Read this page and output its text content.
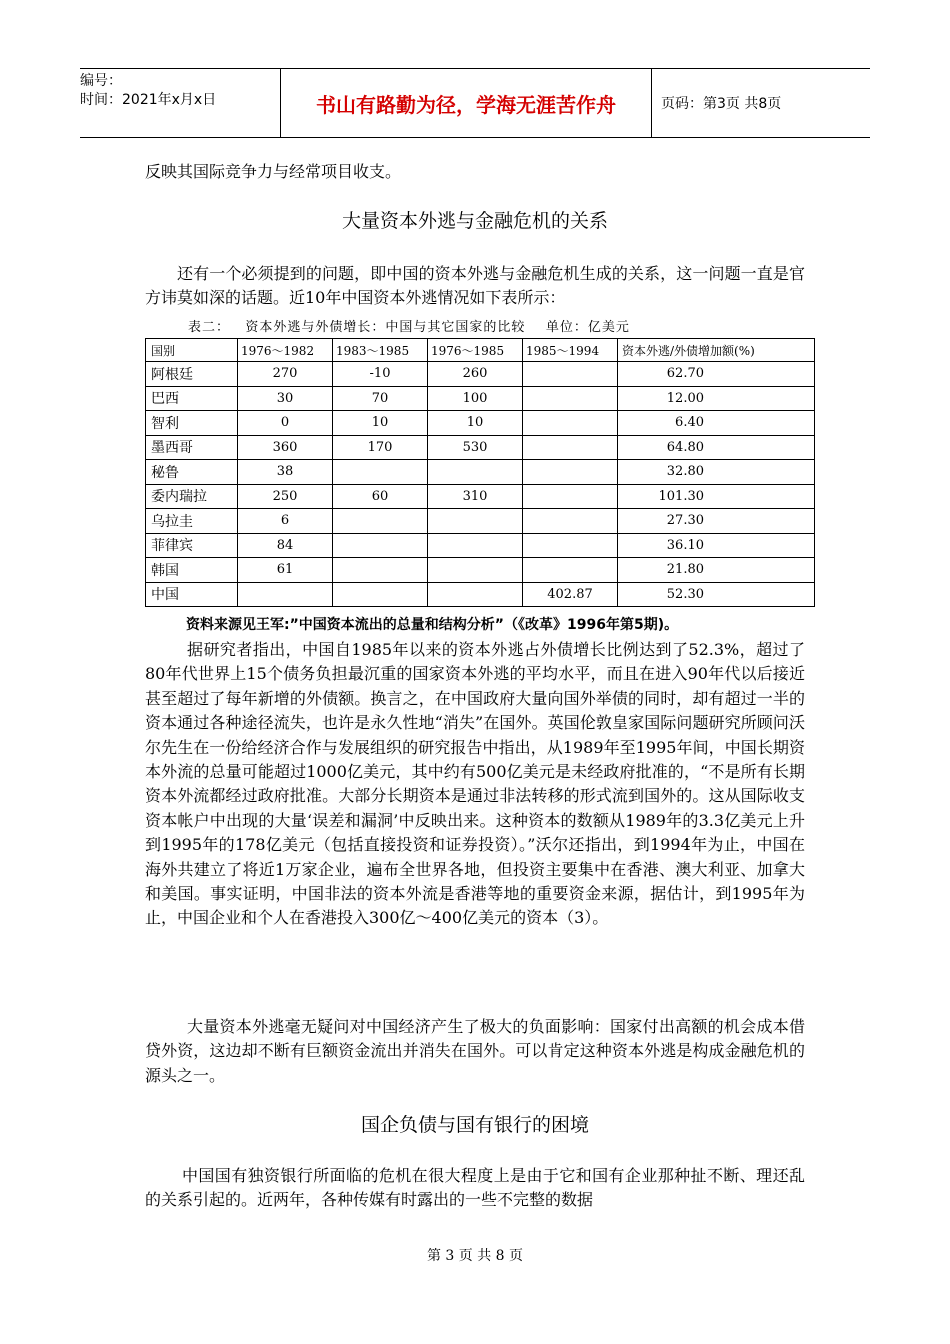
编号：
时间：2021年x月x日	书山有路勤为径，学海无涯苦作舟	页码：第3页 共8页
反映其国际竞争力与经常项目收支。
大量资本外逃与金融危机的关系
还有一个必须提到的问题，即中国的资本外逃与金融危机生成的关系，这一问题一直是官方讳莫如深的话题。近10年中国资本外逃情况如下表所示：
表二：   资本外逃与外债增长：中国与其它国家的比较    单位：亿美元
国别	1976～1982	1983～1985	1976～1985	1985～1994	资本外逃/外债增加额(%)
阿根廷	270	-10	260		62.70
巴西	30	70	100		12.00
智利	0	10	10		6.40
墨西哥	360	170	530		64.80
秘鲁	38				32.80
委内瑞拉	250	60	310		101.30
乌拉圭	6				27.30
菲律宾	84				36.10
韩国	61				21.80
中国				402.87	52.30
资料来源见王军:”中国资本流出的总量和结构分析”（《改革》1996年第5期)。
据研究者指出，中国自1985年以来的资本外逃占外债增长比例达到了52.3%，超过了80年代世界上15个债务负担最沉重的国家资本外逃的平均水平，而且在进入90年代以后接近甚至超过了每年新增的外债额。换言之，在中国政府大量向国外举债的同时，却有超过一半的资本通过各种途径流失，也许是永久性地“消失”在国外。英国伦敦皇家国际问题研究所顾问沃尔先生在一份给经济合作与发展组织的研究报告中指出，从1989年至1995年间，中国长期资本外流的总量可能超过1000亿美元，其中约有500亿美元是未经政府批准的，“不是所有长期资本外流都经过政府批准。大部分长期资本是通过非法转移的形式流到国外的。这从国际收支资本帐户中出现的大量‘误差和漏洞’中反映出来。这种资本的数额从1989年的3.3亿美元上升到1995年的178亿美元（包括直接投资和证券投资）。”沃尔还指出，到1994年为止，中国在海外共建立了将近1万家企业，遍布全世界各地，但投资主要集中在香港、澳大利亚、加拿大和美国。事实证明，中国非法的资本外流是香港等地的重要资金来源，据估计，到1995年为止，中国企业和个人在香港投入300亿～400亿美元的资本（3）。
大量资本外逃毫无疑问对中国经济产生了极大的负面影响：国家付出高额的机会成本借贷外资，这边却不断有巨额资金流出并消失在国外。可以肯定这种资本外逃是构成金融危机的源头之一。
国企负债与国有银行的困境
中国国有独资银行所面临的危机在很大程度上是由于它和国有企业那种扯不断、理还乱的关系引起的。近两年，各种传媒有时露出的一些不完整的数据
第 3 页 共 8 页
